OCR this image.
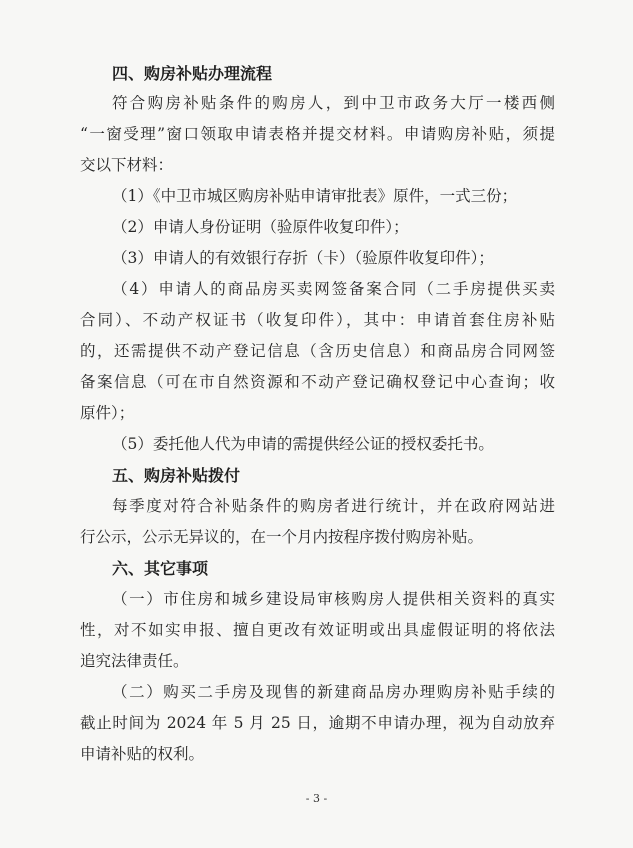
四、购房补贴办理流程
符合购房补贴条件的购房人，到中卫市政务大厅一楼西侧
“一窗受理”窗口领取申请表格并提交材料。申请购房补贴，须提
交以下材料：
（1）《中卫市城区购房补贴申请审批表》原件，一式三份；
（2）申请人身份证明（验原件收复印件）；
（3）申请人的有效银行存折（卡）（验原件收复印件）；
（4）申请人的商品房买卖网签备案合同（二手房提供买卖
合同）、不动产权证书（收复印件），其中：申请首套住房补贴
的，还需提供不动产登记信息（含历史信息）和商品房合同网签
备案信息（可在市自然资源和不动产登记确权登记中心查询；收
原件）；
（5）委托他人代为申请的需提供经公证的授权委托书。
五、购房补贴拨付
每季度对符合补贴条件的购房者进行统计，并在政府网站进
行公示，公示无异议的，在一个月内按程序拨付购房补贴。
六、其它事项
（一）市住房和城乡建设局审核购房人提供相关资料的真实
性，对不如实申报、擅自更改有效证明或出具虚假证明的将依法
追究法律责任。
（二）购买二手房及现售的新建商品房办理购房补贴手续的
截止时间为 2024 年 5 月 25 日，逾期不申请办理，视为自动放弃
申请补贴的权利。
- 3 -
